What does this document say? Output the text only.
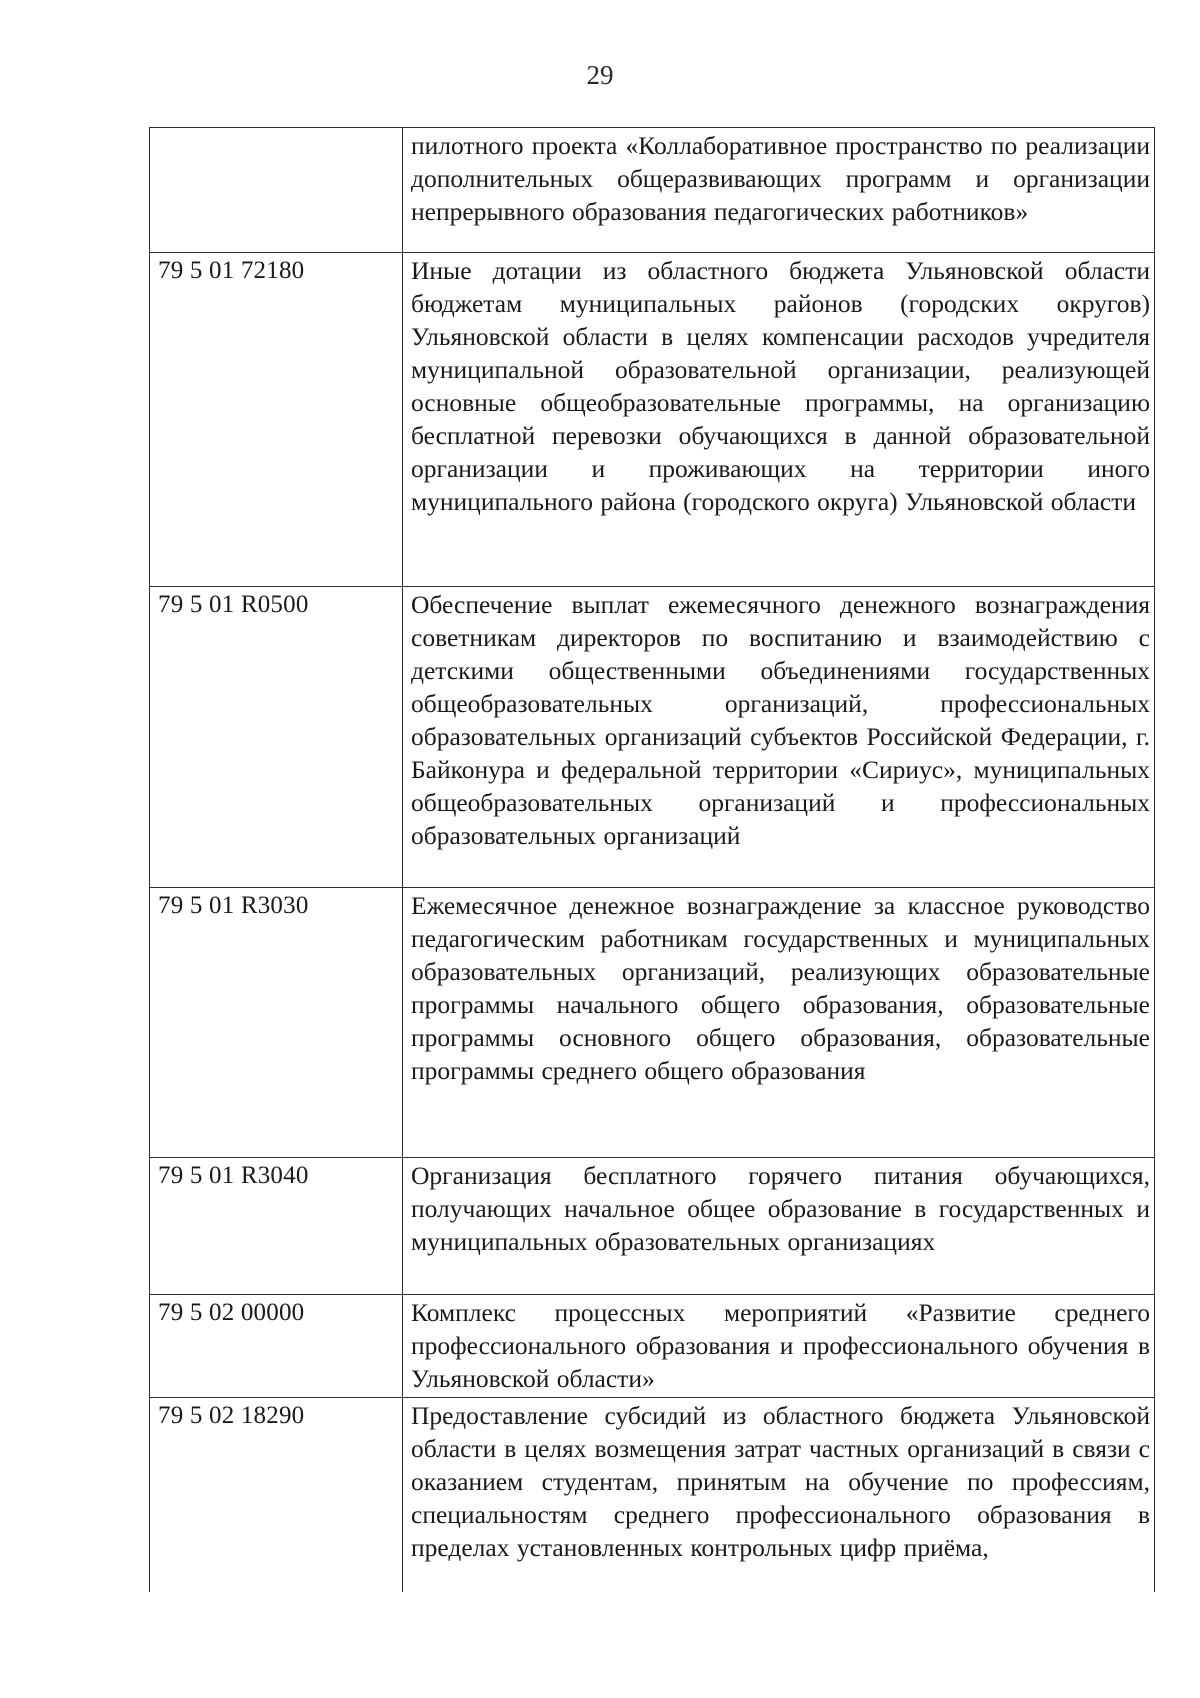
29
	пилотного проекта «Коллаборативное пространство по реализации дополнительных общеразвивающих программ и организации непрерывного образования педагогических работников»
79 5 01 72180	Иные дотации из областного бюджета Ульяновской области бюджетам муниципальных районов (городских округов) Ульяновской области в целях компенсации расходов учредителя муниципальной образовательной организации, реализующей основные общеобразовательные программы, на организацию бесплатной перевозки обучающихся в данной образовательной организации и проживающих на территории иного муниципального района (городского округа) Ульяновской области
79 5 01 R0500	Обеспечение выплат ежемесячного денежного вознаграждения советникам директоров по воспитанию и взаимодействию с детскими общественными объединениями государственных общеобразовательных организаций, профессиональных образовательных организаций субъектов Российской Федерации, г. Байконура и федеральной территории «Сириус», муниципальных общеобразовательных организаций и профессиональных образовательных организаций
79 5 01 R3030	Ежемесячное денежное вознаграждение за классное руководство педагогическим работникам государственных и муниципальных образовательных организаций, реализующих образовательные программы начального общего образования, образовательные программы основного общего образования, образовательные программы среднего общего образования
79 5 01 R3040	Организация бесплатного горячего питания обучающихся, получающих начальное общее образование в государственных и муниципальных образовательных организациях
79 5 02 00000	Комплекс процессных мероприятий «Развитие среднего профессионального образования и профессионального обучения в Ульяновской области»
79 5 02 18290	Предоставление субсидий из областного бюджета Ульяновской области в целях возмещения затрат частных организаций в связи с оказанием студентам, принятым на обучение по профессиям, специальностям среднего профессионального образования в пределах установленных контрольных цифр приёма,
